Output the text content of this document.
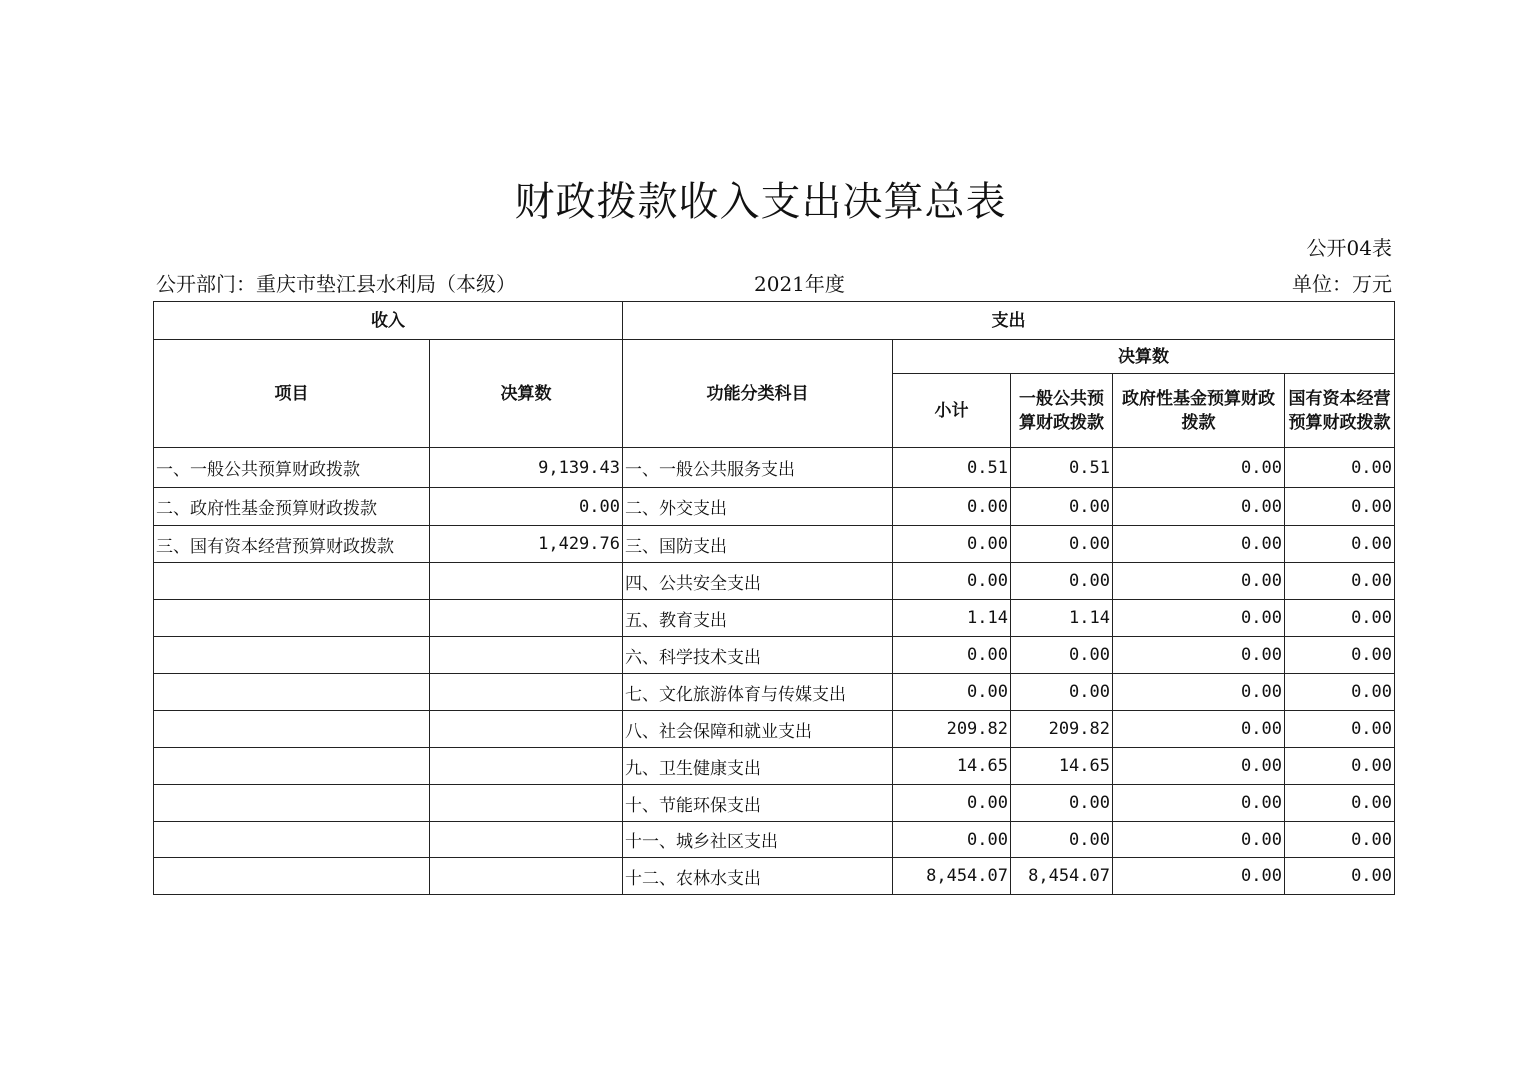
财政拨款收入支出决算总表
公开04表
公开部门：重庆市垫江县水利局（本级）	2021年度	单位：万元
收入		支出				
项目	决算数	功能分类科目	决算数			
			小计	一般公共预算财政拨款	政府性基金预算财政拨款	国有资本经营预算财政拨款
一、一般公共预算财政拨款	9,139.43	一、一般公共服务支出	0.51	0.51	0.00	0.00
二、政府性基金预算财政拨款	0.00	二、外交支出	0.00	0.00	0.00	0.00
三、国有资本经营预算财政拨款	1,429.76	三、国防支出	0.00	0.00	0.00	0.00
		四、公共安全支出	0.00	0.00	0.00	0.00
		五、教育支出	1.14	1.14	0.00	0.00
		六、科学技术支出	0.00	0.00	0.00	0.00
		七、文化旅游体育与传媒支出	0.00	0.00	0.00	0.00
		八、社会保障和就业支出	209.82	209.82	0.00	0.00
		九、卫生健康支出	14.65	14.65	0.00	0.00
		十、节能环保支出	0.00	0.00	0.00	0.00
		十一、城乡社区支出	0.00	0.00	0.00	0.00
		十二、农林水支出	8,454.07	8,454.07	0.00	0.00
